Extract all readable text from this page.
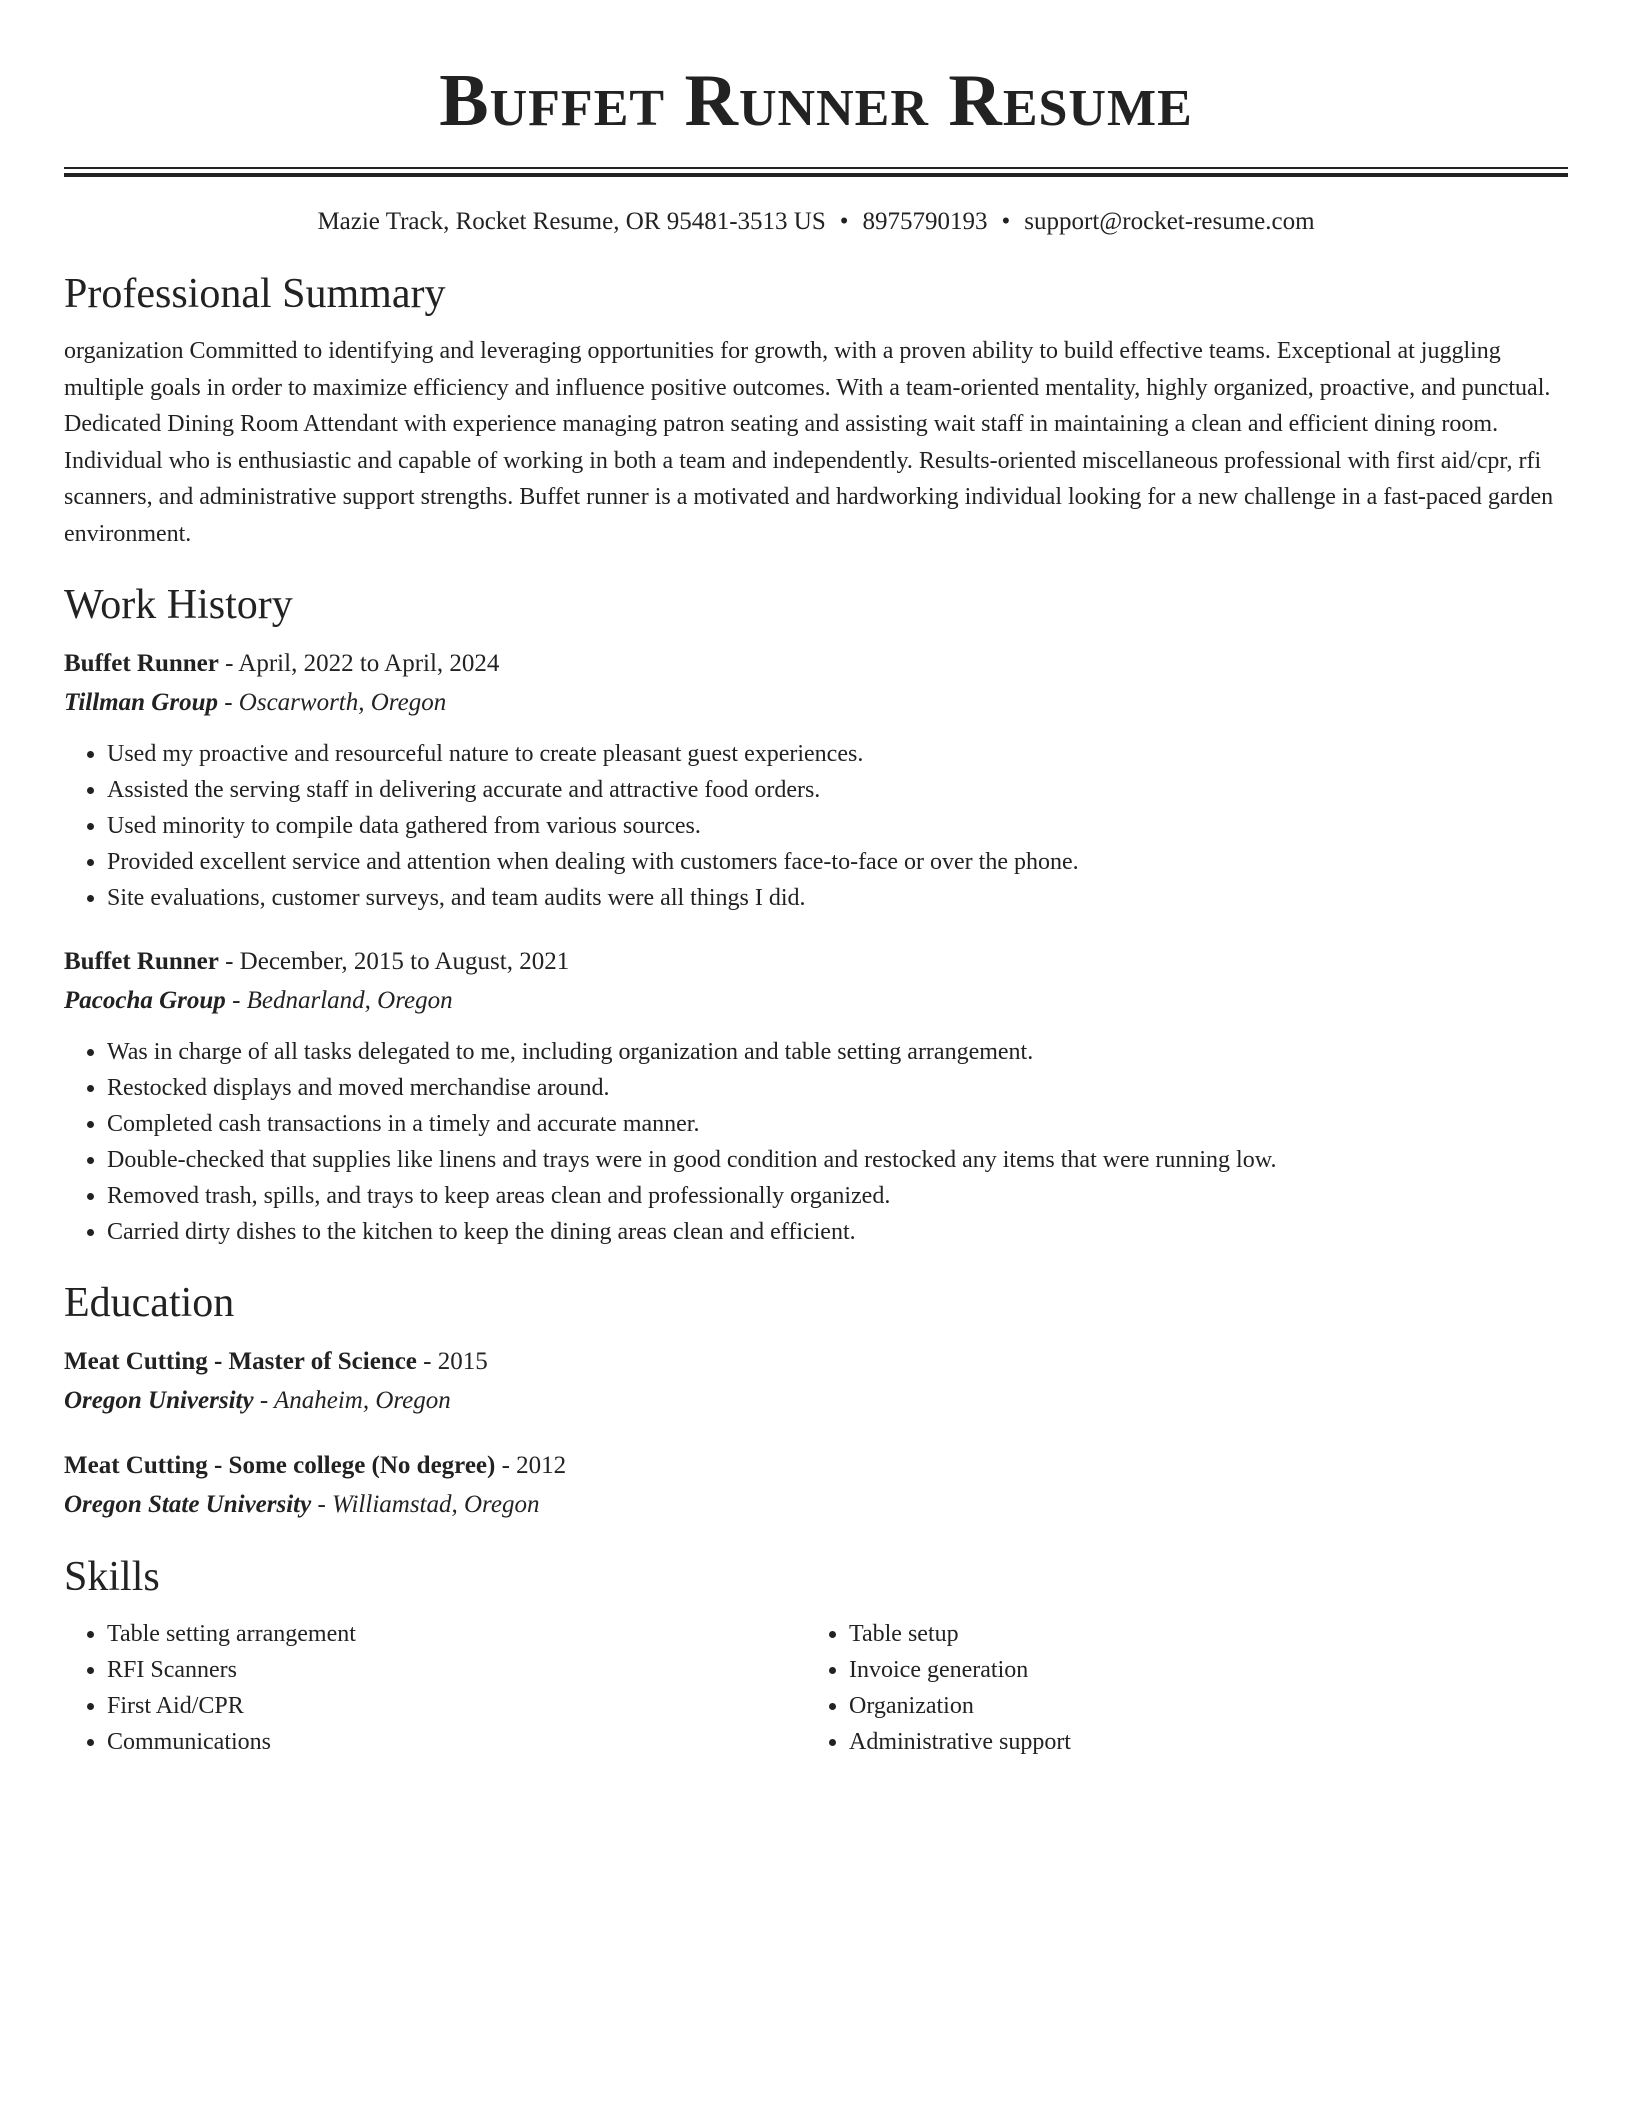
Buffet Runner Resume
Mazie Track, Rocket Resume, OR 95481-3513 US • 8975790193 • support@rocket-resume.com
Professional Summary
organization Committed to identifying and leveraging opportunities for growth, with a proven ability to build effective teams. Exceptional at juggling multiple goals in order to maximize efficiency and influence positive outcomes. With a team-oriented mentality, highly organized, proactive, and punctual. Dedicated Dining Room Attendant with experience managing patron seating and assisting wait staff in maintaining a clean and efficient dining room. Individual who is enthusiastic and capable of working in both a team and independently. Results-oriented miscellaneous professional with first aid/cpr, rfi scanners, and administrative support strengths. Buffet runner is a motivated and hardworking individual looking for a new challenge in a fast-paced garden environment.
Work History
Buffet Runner - April, 2022 to April, 2024
Tillman Group - Oscarworth, Oregon
• Used my proactive and resourceful nature to create pleasant guest experiences.
• Assisted the serving staff in delivering accurate and attractive food orders.
• Used minority to compile data gathered from various sources.
• Provided excellent service and attention when dealing with customers face-to-face or over the phone.
• Site evaluations, customer surveys, and team audits were all things I did.
Buffet Runner - December, 2015 to August, 2021
Pacocha Group - Bednarland, Oregon
• Was in charge of all tasks delegated to me, including organization and table setting arrangement.
• Restocked displays and moved merchandise around.
• Completed cash transactions in a timely and accurate manner.
• Double-checked that supplies like linens and trays were in good condition and restocked any items that were running low.
• Removed trash, spills, and trays to keep areas clean and professionally organized.
• Carried dirty dishes to the kitchen to keep the dining areas clean and efficient.
Education
Meat Cutting - Master of Science - 2015
Oregon University - Anaheim, Oregon
Meat Cutting - Some college (No degree) - 2012
Oregon State University - Williamstad, Oregon
Skills
• Table setting arrangement
• RFI Scanners
• First Aid/CPR
• Communications
• Table setup
• Invoice generation
• Organization
• Administrative support
